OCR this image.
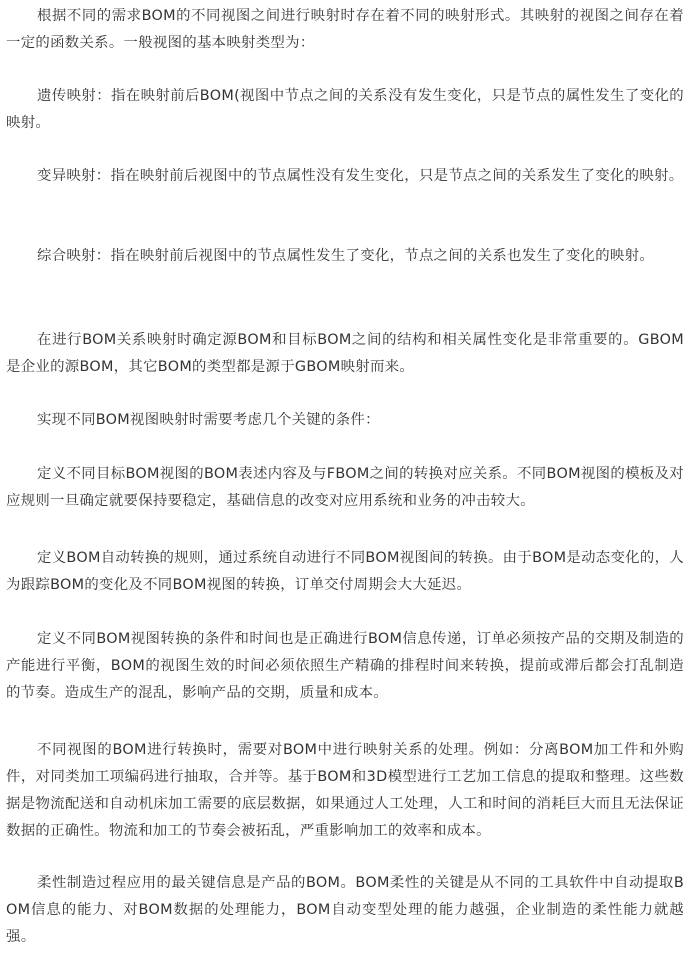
根据不同的需求BOM的不同视图之间进行映射时存在着不同的映射形式。其映射的视图之间存在着一定的函数关系。一般视图的基本映射类型为：

遗传映射：指在映射前后BOM(视图中节点之间的关系没有发生变化，只是节点的属性发生了变化的映射。

变异映射：指在映射前后视图中的节点属性没有发生变化，只是节点之间的关系发生了变化的映射。

综合映射：指在映射前后视图中的节点属性发生了变化，节点之间的关系也发生了变化的映射。

在进行BOM关系映射时确定源BOM和目标BOM之间的结构和相关属性变化是非常重要的。GBOM是企业的源BOM，其它BOM的类型都是源于GBOM映射而来。

实现不同BOM视图映射时需要考虑几个关键的条件：

定义不同目标BOM视图的BOM表述内容及与FBOM之间的转换对应关系。不同BOM视图的模板及对应规则一旦确定就要保持要稳定，基础信息的改变对应用系统和业务的冲击较大。

定义BOM自动转换的规则，通过系统自动进行不同BOM视图间的转换。由于BOM是动态变化的，人为跟踪BOM的变化及不同BOM视图的转换，订单交付周期会大大延迟。

定义不同BOM视图转换的条件和时间也是正确进行BOM信息传递，订单必须按产品的交期及制造的产能进行平衡，BOM的视图生效的时间必须依照生产精确的排程时间来转换，提前或滞后都会打乱制造的节奏。造成生产的混乱，影响产品的交期，质量和成本。

不同视图的BOM进行转换时，需要对BOM中进行映射关系的处理。例如：分离BOM加工件和外购件，对同类加工项编码进行抽取，合并等。基于BOM和3D模型进行工艺加工信息的提取和整理。这些数据是物流配送和自动机床加工需要的底层数据，如果通过人工处理，人工和时间的消耗巨大而且无法保证数据的正确性。物流和加工的节奏会被拓乱，严重影响加工的效率和成本。

柔性制造过程应用的最关键信息是产品的BOM。BOM柔性的关键是从不同的工具软件中自动提取BOM信息的能力、对BOM数据的处理能力，BOM自动变型处理的能力越强，企业制造的柔性能力就越强。
